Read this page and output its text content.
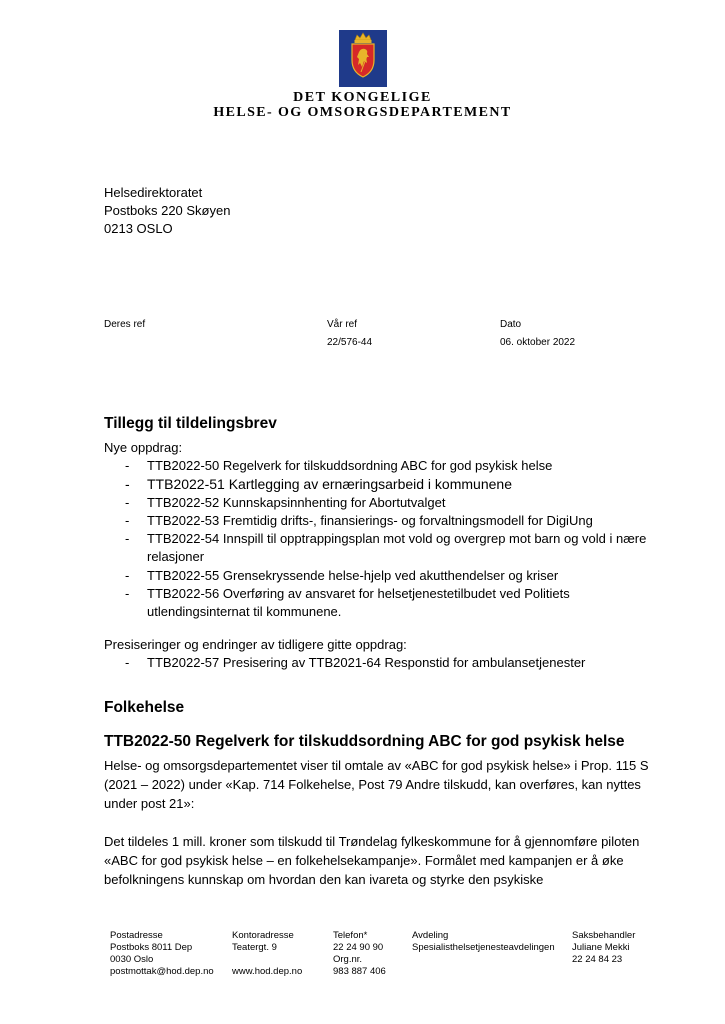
DET KONGELIGE
HELSE- OG OMSORGSDEPARTEMENT
Helsedirektoratet
Postboks 220 Skøyen
0213 OSLO
Deres ref	Vår ref
22/576-44
Dato
06. oktober 2022
Tillegg til tildelingsbrev

Nye oppdrag:

- TTB2022-50 Regelverk for tilskuddsordning ABC for god psykisk helse
- TTB2022-51 Kartlegging av ernæringsarbeid i kommunene
- TTB2022-52 Kunnskapsinnhenting for Abortutvalget
- TTB2022-53 Fremtidig drifts-, finansierings- og forvaltningsmodell for DigiUng
- TTB2022-54 Innspill til opptrappingsplan mot vold og overgrep mot barn og vold i nære relasjoner
- TTB2022-55 Grensekryssende helse-hjelp ved akutthendelser og kriser
- TTB2022-56 Overføring av ansvaret for helsetjenestetilbudet ved Politiets utlendingsinternat til kommunene.

Presiseringer og endringer av tidligere gitte oppdrag:

- TTB2022-57 Presisering av TTB2021-64 Responstid for ambulansetjenester
Folkehelse
TTB2022-50 Regelverk for tilskuddsordning ABC for god psykisk helse

Helse- og omsorgsdepartementet viser til omtale av «ABC for god psykisk helse» i Prop. 115 S (2021 – 2022) under «Kap. 714 Folkehelse, Post 79 Andre tilskudd, kan overføres, kan nyttes under post 21»:

Det tildeles 1 mill. kroner som tilskudd til Trøndelag fylkeskommune for å gjennomføre piloten «ABC for god psykisk helse – en folkehelsekampanje». Formålet med kampanjen er å øke befolkningens kunnskap om hvordan den kan ivareta og styrke den psykiske

Postadresse
Postboks 8011 Dep
0030 Oslo
postmottak@hod.dep.no
Kontoradresse
Teatergt. 9

www.hod.dep.no
Telefon*
22 24 90 90
Org.nr.
983 887 406
Avdeling
Spesialisthelsetjenesteavdelingen
Saksbehandler
Juliane Mekki
22 24 84 23
